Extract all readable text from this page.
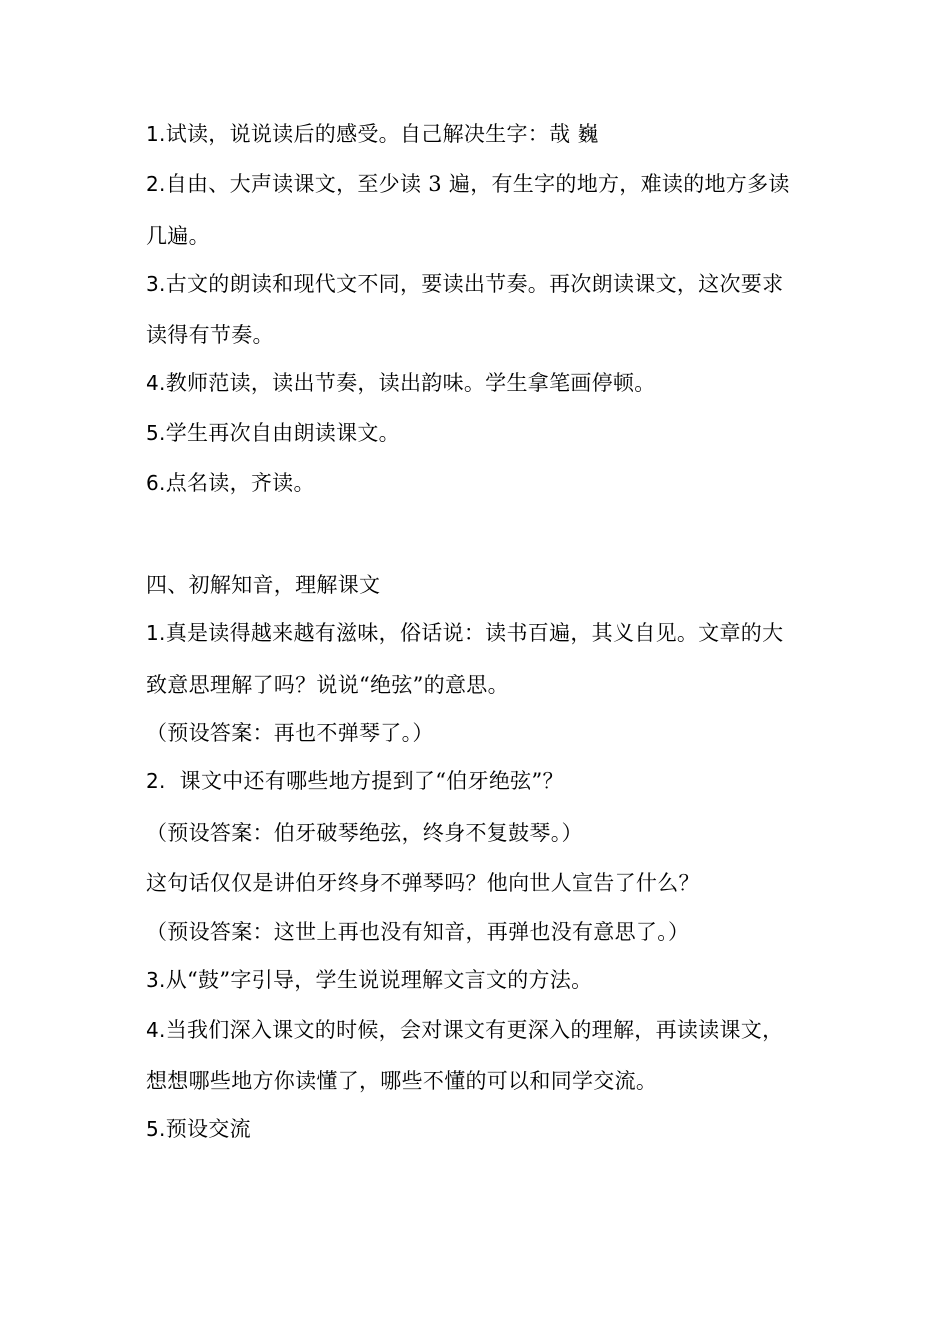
1.试读，说说读后的感受。自己解决生字：哉 巍
2.自由、大声读课文，至少读 3 遍，有生字的地方，难读的地方多读
几遍。
3.古文的朗读和现代文不同，要读出节奏。再次朗读课文，这次要求
读得有节奏。
4.教师范读，读出节奏，读出韵味。学生拿笔画停顿。
5.学生再次自由朗读课文。
6.点名读，齐读。
四、初解知音，理解课文
1.真是读得越来越有滋味，俗话说：读书百遍，其义自见。文章的大
致意思理解了吗？说说“绝弦”的意思。
（预设答案：再也不弹琴了。）
2.  课文中还有哪些地方提到了“伯牙绝弦”？
（预设答案：伯牙破琴绝弦，终身不复鼓琴。）
这句话仅仅是讲伯牙终身不弹琴吗？他向世人宣告了什么？
（预设答案：这世上再也没有知音，再弹也没有意思了。）
3.从“鼓”字引导，学生说说理解文言文的方法。
4.当我们深入课文的时候，会对课文有更深入的理解，再读读课文，
想想哪些地方你读懂了，哪些不懂的可以和同学交流。
5.预设交流
